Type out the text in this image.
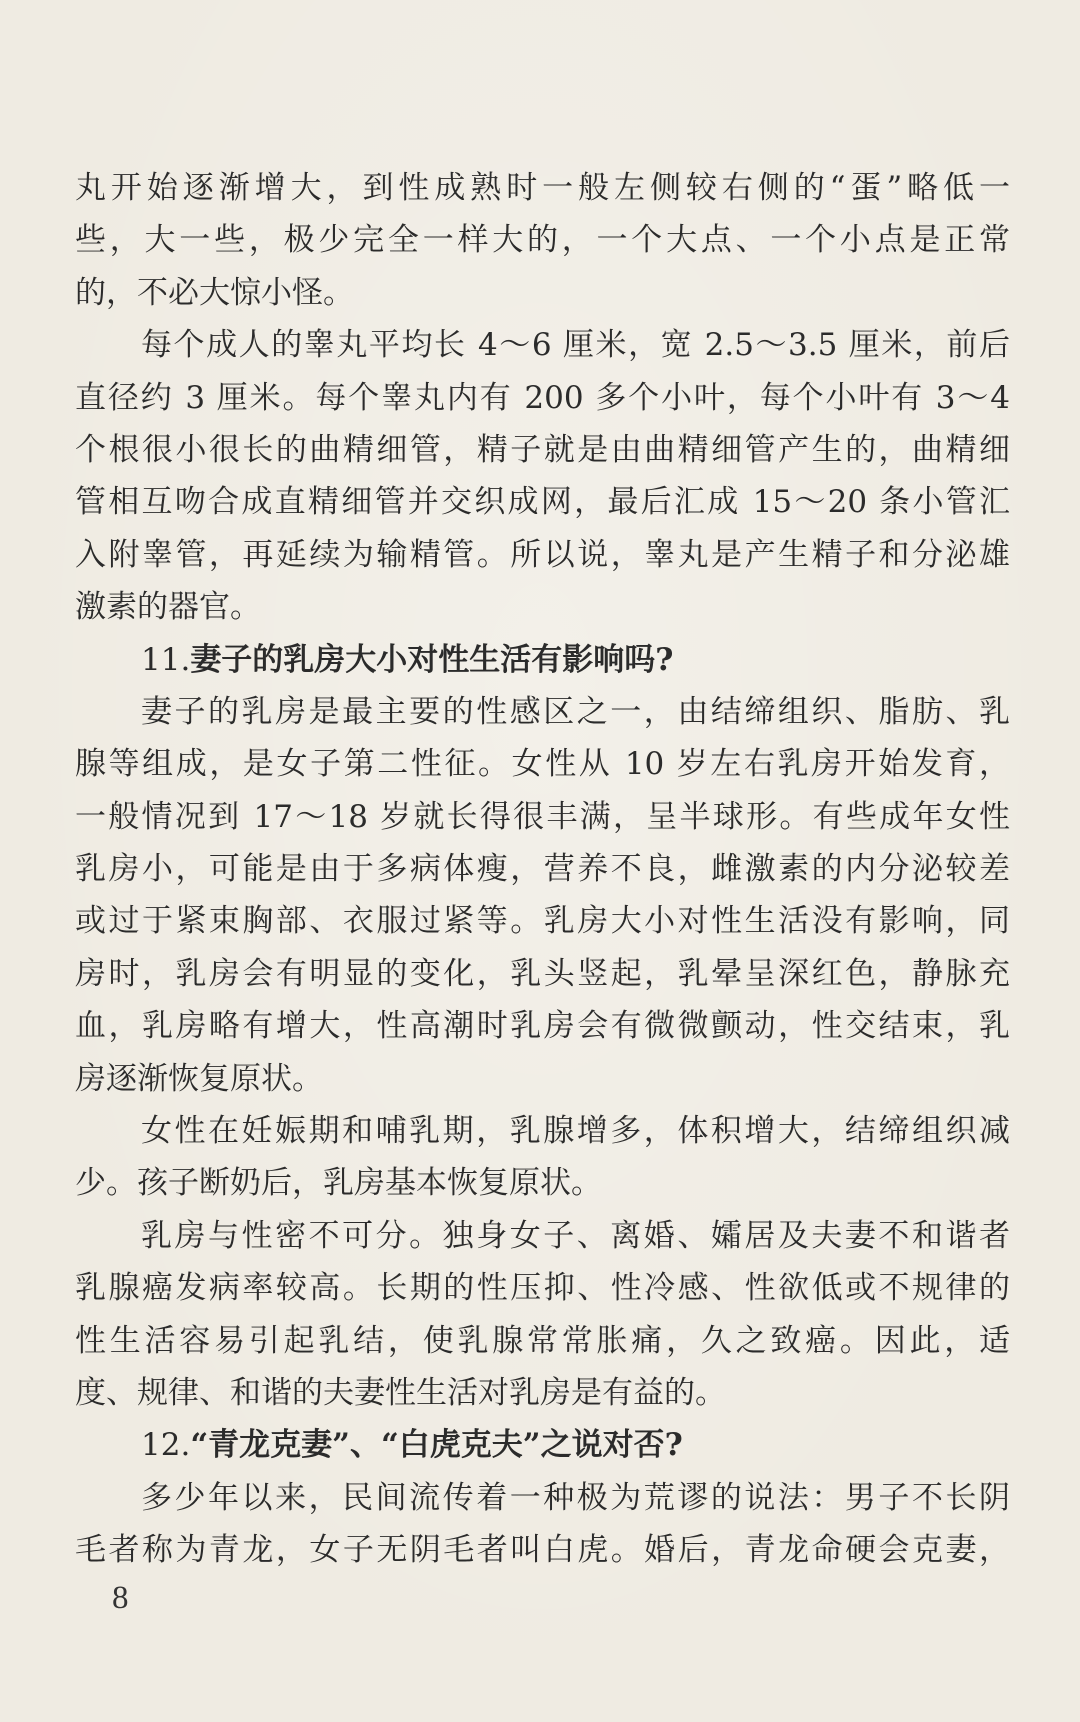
丸开始逐渐增大，到性成熟时一般左侧较右侧的“蛋”略低一
些，大一些，极少完全一样大的，一个大点、一个小点是正常
的，不必大惊小怪。
每个成人的睾丸平均长 4～6 厘米，宽 2.5～3.5 厘米，前后
直径约 3 厘米。每个睾丸内有 200 多个小叶，每个小叶有 3～4
个根很小很长的曲精细管，精子就是由曲精细管产生的，曲精细
管相互吻合成直精细管并交织成网，最后汇成 15～20 条小管汇
入附睾管，再延续为输精管。所以说，睾丸是产生精子和分泌雄
激素的器官。
11.妻子的乳房大小对性生活有影响吗?
妻子的乳房是最主要的性感区之一，由结缔组织、脂肪、乳
腺等组成，是女子第二性征。女性从 10 岁左右乳房开始发育，
一般情况到 17～18 岁就长得很丰满，呈半球形。有些成年女性
乳房小，可能是由于多病体瘦，营养不良，雌激素的内分泌较差
或过于紧束胸部、衣服过紧等。乳房大小对性生活没有影响，同
房时，乳房会有明显的变化，乳头竖起，乳晕呈深红色，静脉充
血，乳房略有增大，性高潮时乳房会有微微颤动，性交结束，乳
房逐渐恢复原状。
女性在妊娠期和哺乳期，乳腺增多，体积增大，结缔组织减
少。孩子断奶后，乳房基本恢复原状。
乳房与性密不可分。独身女子、离婚、孀居及夫妻不和谐者
乳腺癌发病率较高。长期的性压抑、性冷感、性欲低或不规律的
性生活容易引起乳结，使乳腺常常胀痛，久之致癌。因此，适
度、规律、和谐的夫妻性生活对乳房是有益的。
12.“青龙克妻”、“白虎克夫”之说对否?
多少年以来，民间流传着一种极为荒谬的说法：男子不长阴
毛者称为青龙，女子无阴毛者叫白虎。婚后，青龙命硬会克妻，
8
